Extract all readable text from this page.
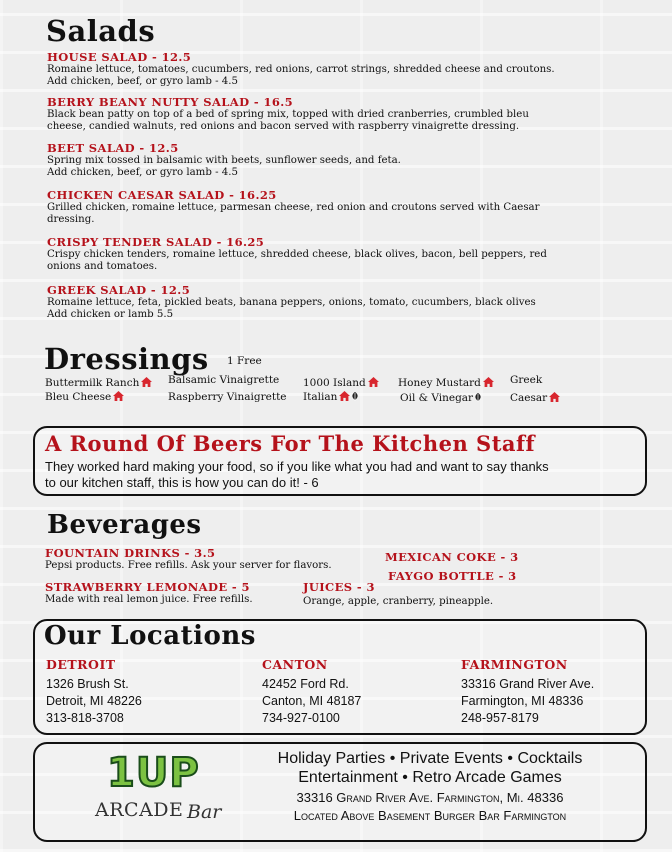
Salads
HOUSE SALAD - 12.5
Romaine lettuce, tomatoes, cucumbers, red onions, carrot strings, shredded cheese and croutons.
Add chicken, beef, or gyro lamb - 4.5
BERRY BEANY NUTTY SALAD - 16.5
Black bean patty on top of a bed of spring mix, topped with dried cranberries, crumbled bleu
cheese, candied walnuts, red onions and bacon served with raspberry vinaigrette dressing.
BEET SALAD - 12.5
Spring mix tossed in balsamic with beets, sunflower seeds, and feta.
Add chicken, beef, or gyro lamb - 4.5
CHICKEN CAESAR SALAD - 16.25
Grilled chicken, romaine lettuce, parmesan cheese, red onion and croutons served with Caesar
dressing.
CRISPY TENDER SALAD - 16.25
Crispy chicken tenders, romaine lettuce, shredded cheese, black olives, bacon, bell peppers, red
onions and tomatoes.
GREEK SALAD - 12.5
Romaine lettuce, feta, pickled beats, banana peppers, onions, tomato, cucumbers, black olives
Add chicken or lamb 5.5
Dressings 1 Free
Buttermilk Ranch
Bleu Cheese
Balsamic Vinaigrette
Raspberry Vinaigrette
1000 Island
Italian
Honey Mustard
Oil & Vinegar
Greek
Caesar
A Round Of Beers For The Kitchen Staff
They worked hard making your food, so if you like what you had and want to say thanks
to our kitchen staff, this is how you can do it! - 6
Beverages
FOUNTAIN DRINKS - 3.5
Pepsi products. Free refills. Ask your server for flavors.
STRAWBERRY LEMONADE - 5
Made with real lemon juice. Free refills.
JUICES - 3
Orange, apple, cranberry, pineapple.
MEXICAN COKE - 3
FAYGO BOTTLE - 3
Our Locations
DETROIT
1326 Brush St.
Detroit, MI 48226
313-818-3708
CANTON
42452 Ford Rd.
Canton, MI 48187
734-927-0100
FARMINGTON
33316 Grand River Ave.
Farmington, MI 48336
248-957-8179
1UP
ARCADE Bar
Holiday Parties • Private Events • Cocktails
Entertainment • Retro Arcade Games
33316 Grand River Ave. Farmington, Mi. 48336
Located Above Basement Burger Bar Farmington
